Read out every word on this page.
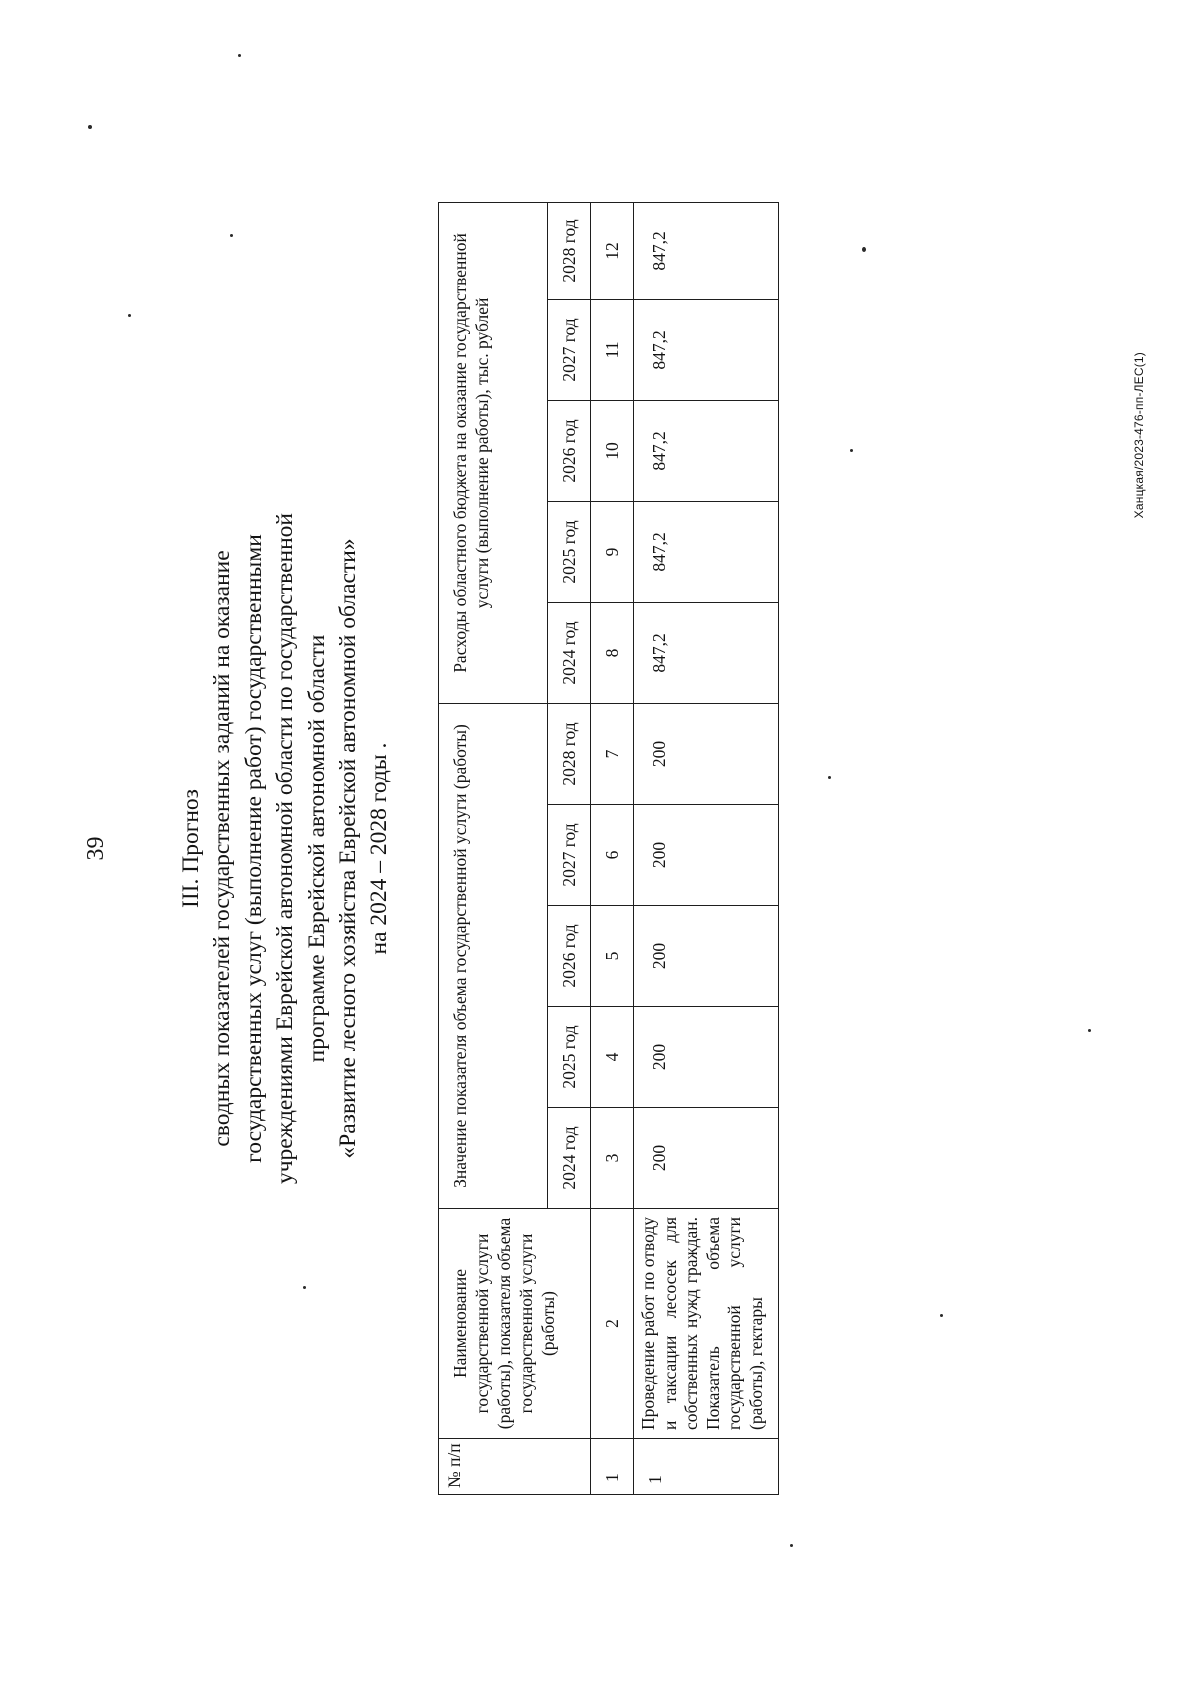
39	III. Прогноз сводных показателей государственных заданий на оказание государственных услуг (выполнение работ) государственными учреждениями Еврейской автономной области по государственной программе Еврейской автономной области «Развитие лесного хозяйства Еврейской автономной области» на 2024 – 2028 годы .
№ п/п	Наименование государственной услуги (работы), показателя объема государственной услуги (работы)	Значение показателя объема государственной услуги (работы)					Расходы областного бюджета на оказание государственной услуги (выполнение работы), тыс. рублей				
		2024 год	2025 год	2026 год	2027 год	2028 год	2024 год	2025 год	2026 год	2027 год	2028 год
1	2	3	4	5	6	7	8	9	10	11	12
1	Проведение работ по отводу и таксации лесосек для собственных нужд граждан. Показатель объема государственной услуги (работы), гектары	200	200	200	200	200	847,2	847,2	847,2	847,2	847,2
Ханцкая/2023-476-пп-ЛЕС(1)
